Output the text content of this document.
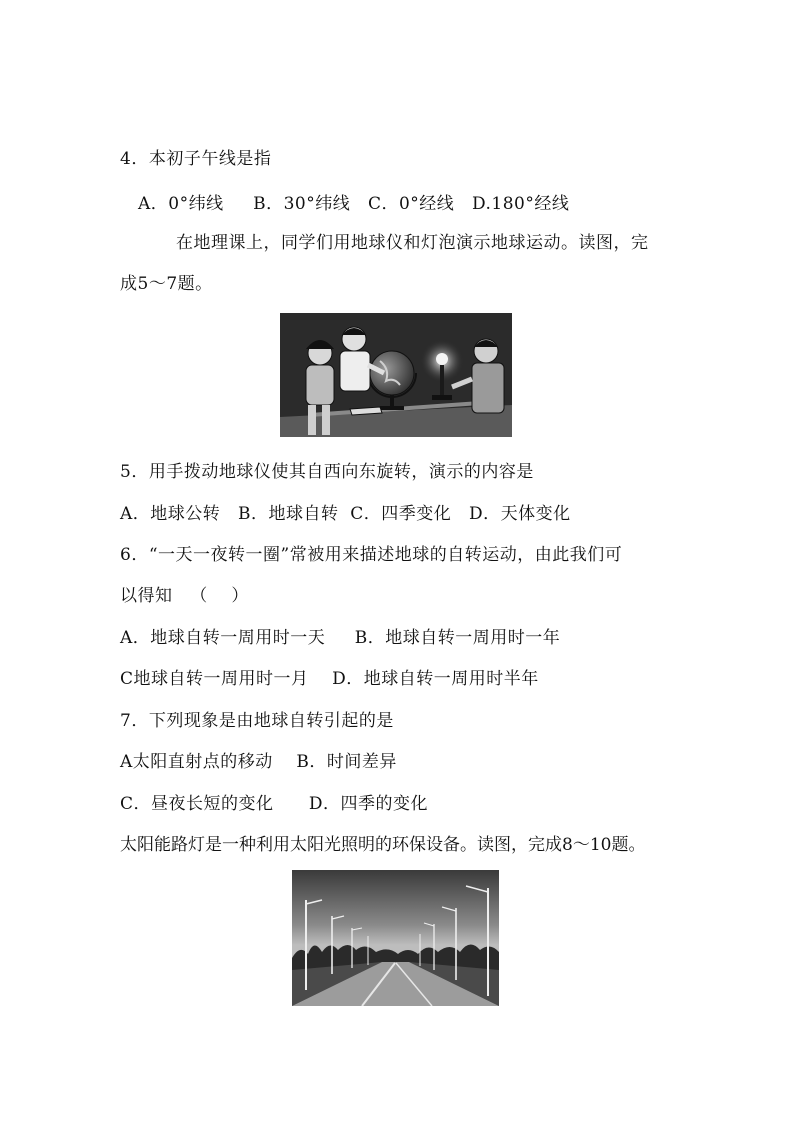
4．本初子午线是指
A．0°纬线     B．30°纬线   C．0°经线   D.180°经线
在地理课上，同学们用地球仪和灯泡演示地球运动。读图，完
成5～7题。
5．用手拨动地球仪使其自西向东旋转，演示的内容是
A．地球公转   B．地球自转  C．四季变化   D．天体变化
6．“一天一夜转一圈”常被用来描述地球的自转运动，由此我们可
以得知   （    ）
A．地球自转一周用时一天     B．地球自转一周用时一年
C地球自转一周用时一月    D．地球自转一周用时半年
7．下列现象是由地球自转引起的是
A太阳直射点的移动    B．时间差异
C．昼夜长短的变化      D．四季的变化
太阳能路灯是一种利用太阳光照明的环保设备。读图，完成8～10题。
